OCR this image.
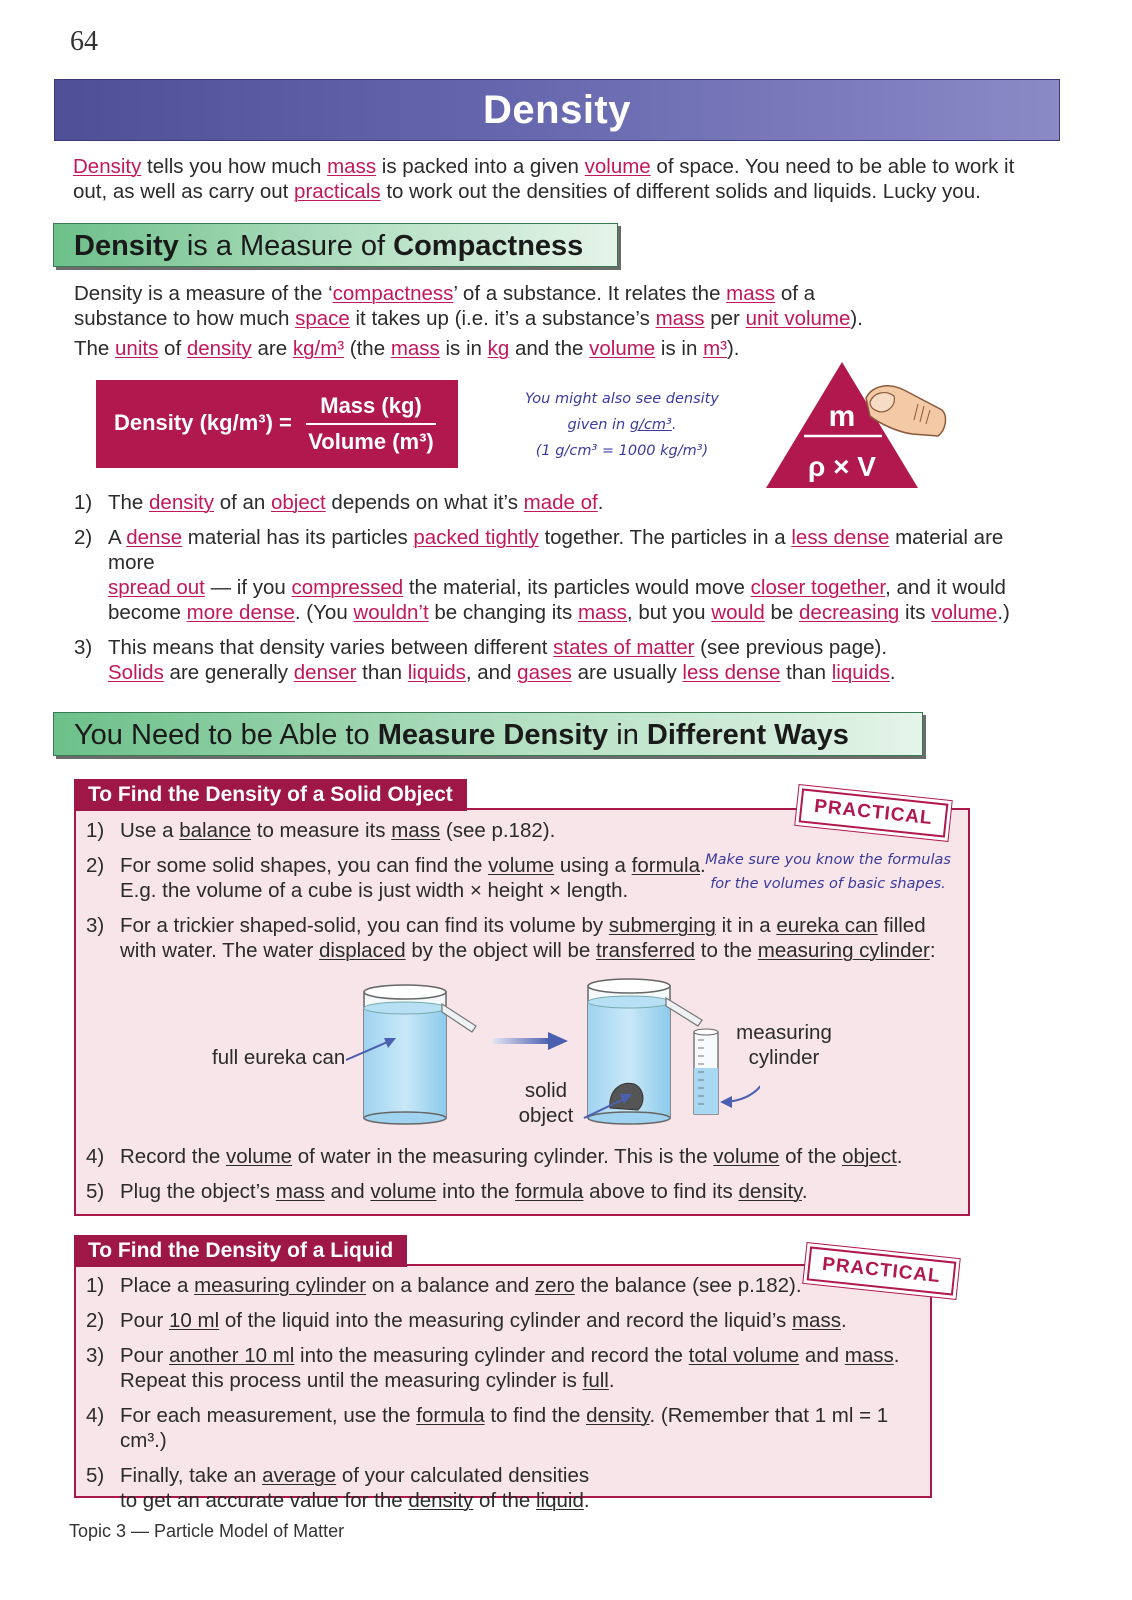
64
Density
Density tells you how much mass is packed into a given volume of space. You need to be able to work it
out, as well as carry out practicals to work out the densities of different solids and liquids. Lucky you.
Density is a Measure of Compactness
Density is a measure of the ‘compactness’ of a substance. It relates the mass of a
substance to how much space it takes up (i.e. it’s a substance’s mass per unit volume).
The units of density are kg/m³ (the mass is in kg and the volume is in m³).
Density (kg/m³) =
Mass (kg)
Volume (m³)
You might also see density
given in g/cm³.
(1 g/cm³ = 1000 kg/m³)
m
ρ × V
1) The density of an object depends on what it’s made of.
2) A dense material has its particles packed tightly together. The particles in a less dense material are more
spread out — if you compressed the material, its particles would move closer together, and it would
become more dense. (You wouldn’t be changing its mass, but you would be decreasing its volume.)
3) This means that density varies between different states of matter (see previous page).
Solids are generally denser than liquids, and gases are usually less dense than liquids.
You Need to be Able to Measure Density in Different Ways
To Find the Density of a Solid Object
PRACTICAL
1) Use a balance to measure its mass (see p.182).
2) For some solid shapes, you can find the volume using a formula.
E.g. the volume of a cube is just width × height × length.
3) For a trickier shaped-solid, you can find its volume by submerging it in a eureka can filled
with water. The water displaced by the object will be transferred to the measuring cylinder:
Make sure you know the formulas
for the volumes of basic shapes.
full eureka can
solid
object
measuring
cylinder
4) Record the volume of water in the measuring cylinder. This is the volume of the object.
5) Plug the object’s mass and volume into the formula above to find its density.
To Find the Density of a Liquid
PRACTICAL
1) Place a measuring cylinder on a balance and zero the balance (see p.182).
2) Pour 10 ml of the liquid into the measuring cylinder and record the liquid’s mass.
3) Pour another 10 ml into the measuring cylinder and record the total volume and mass.
Repeat this process until the measuring cylinder is full.
4) For each measurement, use the formula to find the density. (Remember that 1 ml = 1 cm³.)
5) Finally, take an average of your calculated densities
to get an accurate value for the density of the liquid.
Topic 3 — Particle Model of Matter
